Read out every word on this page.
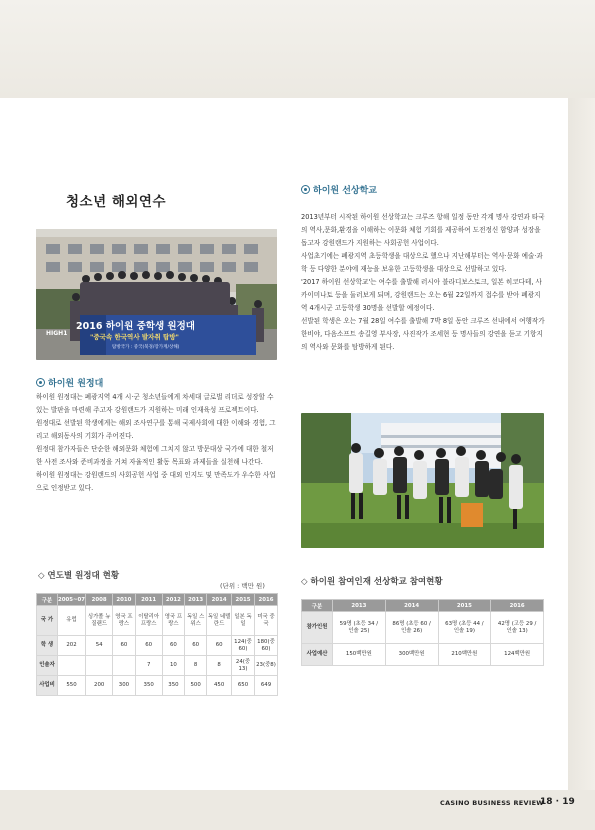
청소년 해외연수
HIGH1
2016 하이원 중학생 원정대
"중국속 한국역사 발자취 탐방"
탐방국가 : 중국(북경/장가계/상해)
하이원 원정대

하이원 원정대는 폐광지역 4개 시·군 청소년들에게 차세대 글로벌 리더로 성장할 수 있는 발판을 마련해 주고자 강원랜드가 지원하는 미래 인재육성 프로젝트이다.

원정대로 선발된 학생에게는 해외 조사연구를 통해 국제사회에 대한 이해와 경험, 그리고 해외동사의 기회가 주어진다.

원정대 참가자들은 단순한 해외문화 체험에 그치지 않고 방문대상 국가에 대한 철저한 사전 조사와 준비과정을 거쳐 자율적인 활동 목표와 과제들을 실천해 나간다.

하이원 원정대는 강원랜드의 사회공헌 사업 중 대외 인지도 및 만족도가 우수한 사업으로 인정받고 있다.

◇ 연도별 원정대 현황
(단위 : 백만 원)
구분	2005~07	2008	2010	2011	2012	2013	2014	2015	2016
국 가	유럽	싱가폴 뉴질랜드	영국 프랑스	이탈리아 프랑스	영국 프랑스	독일 스위스	독일 네델란드	일본 독일	미국 중국
학 생	202	54	60	60	60	60	60	124(중60)	180(중60)
인솔자				7	10	8	8	24(중13)	23(중8)
사업비	550	200	300	350	350	500	450	650	649
하이원 선상학교

2013년부터 시작된 하이원 선상학교는 크루즈 항해 일정 동안 각계 명사 강연과 타국의 역사,문화,환경을 이해하는 이문화 체험 기회를 제공하여 도전정신 함양과 성장을 돕고자 강원랜드가 지원하는 사회공헌 사업이다.

사업초기에는 폐광지역 초등학생을 대상으로 했으나 지난해부터는 역사·문화 예술·과학 등 다양한 분야에 재능을 보유한 고등학생을 대상으로 선발하고 있다.

'2017 하이원 선상학교'는 여수를 출발해 러시아 블라디보스토크, 일본 히코다테, 사카이미나토 등을 둘러보게 되며, 강원랜드는 오는 6월 22일까지 접수를 받아 폐광지역 4개시군 고등학생 30명을 선발할 예정이다.

선발된 학생은 오는 7월 28일 여수를 출발해 7박 8일 동안 크루즈 선내에서 여행작가 한비야, 다음소프트 송길영 부사장, 사진작가 조세현 등 명사들의 강연을 듣고 기항지의 역사와 문화를 탐방하게 된다.

◇ 하이원 참여인재 선상학교 참여현황
구분	2013	2014	2015	2016
참가인원	59명 (초등 34 / 인솔 25)	86명 (초등 60 / 인솔 26)	63명 (초등 44 / 인솔 19)	42명 (고등 29 / 인솔 13)
사업예산	150백만원	300백만원	210백만원	124백만원
CASINO BUSINESS REVIEW
18 · 19
